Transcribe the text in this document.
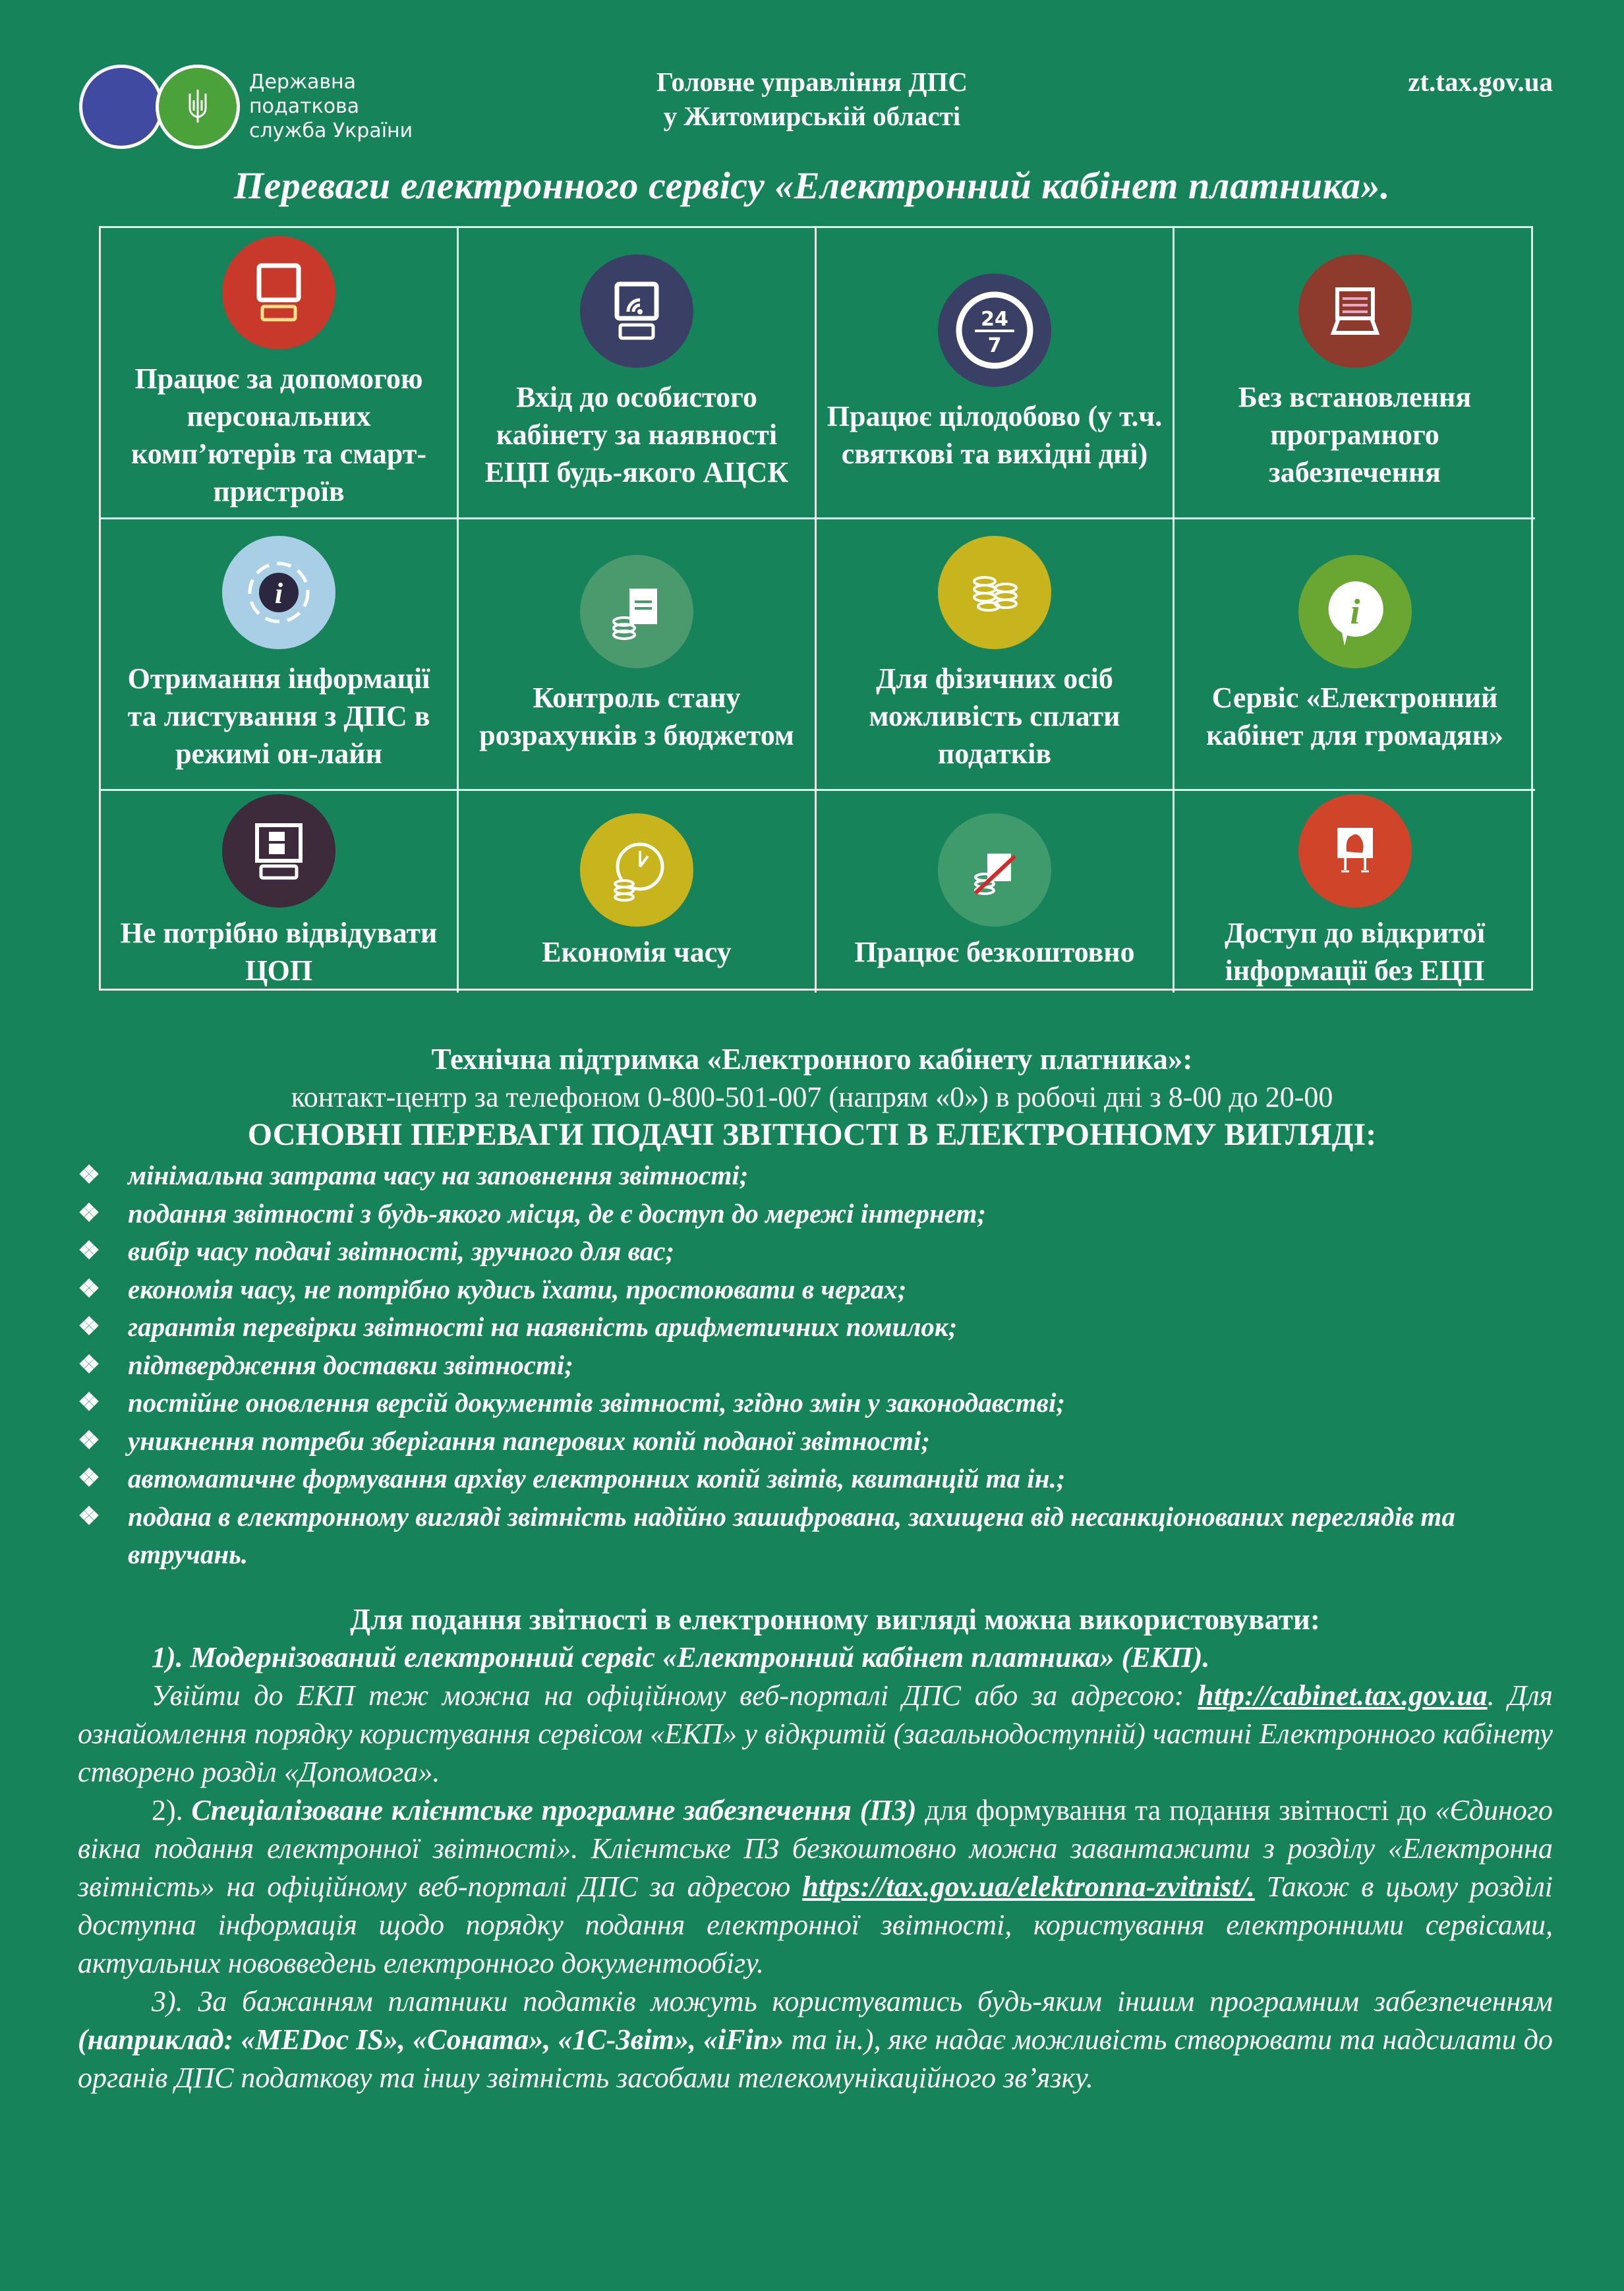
Державна
податкова
служба України
Головне управління ДПС
у Житомирській області
zt.tax.gov.ua
Переваги електронного сервісу «Електронний кабінет платника».
Працює за допомогою персональних комп’ютерів та смарт-пристроїв
Вхід до особистого кабінету за наявності ЕЦП будь-якого АЦСК
24
7
Працює цілодобово (у т.ч. святкові та вихідні дні)
Без встановлення програмного забезпечення
i
Отримання інформації та листування з ДПС в режимі он-лайн
Контроль стану розрахунків з бюджетом
Для фізичних осіб можливість сплати податків
i
Сервіс «Електронний кабінет для громадян»
Не потрібно відвідувати ЦОП
Економія часу	Працює безкоштовно
Доступ до відкритої інформації без ЕЦП
Технічна підтримка «Електронного кабінету платника»:
контакт-центр за телефоном 0-800-501-007 (напрям «0») в робочі дні з 8-00 до 20-00
ОСНОВНІ ПЕРЕВАГИ ПОДАЧІ ЗВІТНОСТІ В ЕЛЕКТРОННОМУ ВИГЛЯДІ:
❖ мінімальна затрата часу на заповнення звітності;
❖ подання звітності з будь-якого місця, де є доступ до мережі інтернет;
❖ вибір часу подачі звітності, зручного для вас;
❖ економія часу, не потрібно кудись їхати, простоювати в чергах;
❖ гарантія перевірки звітності на наявність арифметичних помилок;
❖ підтвердження доставки звітності;
❖ постійне оновлення версій документів звітності, згідно змін у законодавстві;
❖ уникнення потреби зберігання паперових копій поданої звітності;
❖ автоматичне формування архіву електронних копій звітів, квитанцій та ін.;
❖ подана в електронному вигляді звітність надійно зашифрована, захищена від несанкціонованих переглядів та втручань.
Для подання звітності в електронному вигляді можна використовувати:

1). Модернізований електронний сервіс «Електронний кабінет платника» (ЕКП).

Увійти до ЕКП теж можна на офіційному веб-порталі ДПС або за адресою: http://cabinet.tax.gov.ua. Для ознайомлення порядку користування сервісом «ЕКП» у відкритій (загальнодоступній) частині Електронного кабінету створено розділ «Допомога».

2). Спеціалізоване клієнтське програмне забезпечення (ПЗ) для формування та подання звітності до «Єдиного вікна подання електронної звітності». Клієнтське ПЗ безкоштовно можна завантажити з розділу «Електронна звітність» на офіційному веб-порталі ДПС за адресою https://tax.gov.ua/elektronna-zvitnist/. Також в цьому розділі доступна інформація щодо порядку подання електронної звітності, користування електронними сервісами, актуальних нововведень електронного документообігу.

3). За бажанням платники податків можуть користуватись будь-яким іншим програмним забезпеченням (наприклад: «MEDoc IS», «Соната», «1С-Звіт», «iFin» та ін.), яке надає можливість створювати та надсилати до органів ДПС податкову та іншу звітність засобами телекомунікаційного зв’язку.
